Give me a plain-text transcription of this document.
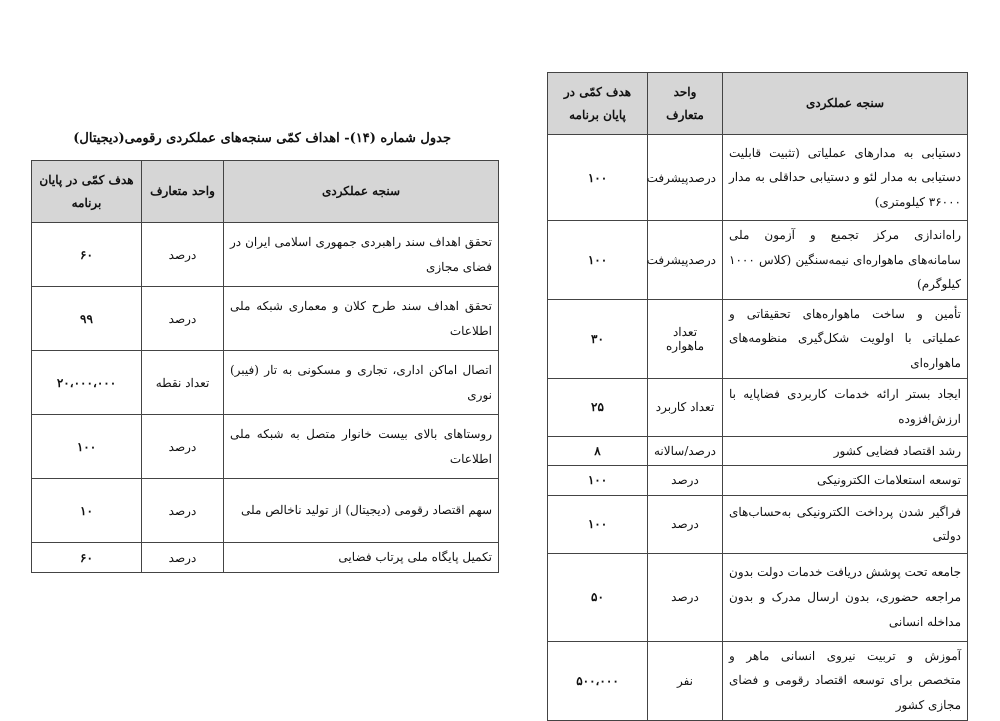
جدول شماره (۱۴)- اهداف کمّی سنجه‌های عملکردی رقومی(دیجیتال)
سنجه عملکردی	واحد متعارف	هدف کمّی در پایان برنامه
تحقق اهداف سند راهبردی جمهوری اسلامی ایران در فضای مجازی	درصد	۶۰
تحقق اهداف سند طرح کلان و معماری شبکه ملی اطلاعات	درصد	۹۹
اتصال اماکن اداری، تجاری و مسکونی به تار (فیبر) نوری	تعداد نقطه	۲۰،۰۰۰،۰۰۰
روستاهای بالای بیست خانوار متصل به شبکه ملی اطلاعات	درصد	۱۰۰
سهم اقتصاد رقومی (دیجیتال) از تولید ناخالص ملی	درصد	۱۰
تکمیل پایگاه ملی پرتاب فضایی	درصد	۶۰
سنجه عملکردی	واحد متعارف	هدف کمّی در پایان برنامه
دستیابی به مدارهای عملیاتی (تثبیت قابلیت دستیابی به مدار لئو و دستیابی حداقلی به مدار ۳۶۰۰۰ کیلومتری)	درصدپیشرفت	۱۰۰
راه‌اندازی مرکز تجمیع و آزمون ملی سامانه‌های ماهواره‌ای نیمه‌سنگین (کلاس ۱۰۰۰ کیلوگرم)	درصدپیشرفت	۱۰۰
تأمین و ساخت ماهواره‌های تحقیقاتی و عملیاتی با اولویت شکل‌گیری منظومه‌های ماهواره‌ای	تعداد ماهواره	۳۰
ایجاد بستر ارائه خدمات کاربردی فضاپایه با ارزش‌افزوده	تعداد کاربرد	۲۵
رشد اقتصاد فضایی کشور	درصد/سالانه	۸
توسعه استعلامات الکترونیکی	درصد	۱۰۰
فراگیر شدن پرداخت الکترونیکی به‌حساب‌های دولتی	درصد	۱۰۰
جامعه تحت پوشش دریافت خدمات دولت بدون مراجعه حضوری، بدون ارسال مدرک و بدون مداخله انسانی	درصد	۵۰
آموزش و تربیت نیروی انسانی ماهر و متخصص برای توسعه اقتصاد رقومی و فضای مجازی کشور	نفر	۵۰۰،۰۰۰
